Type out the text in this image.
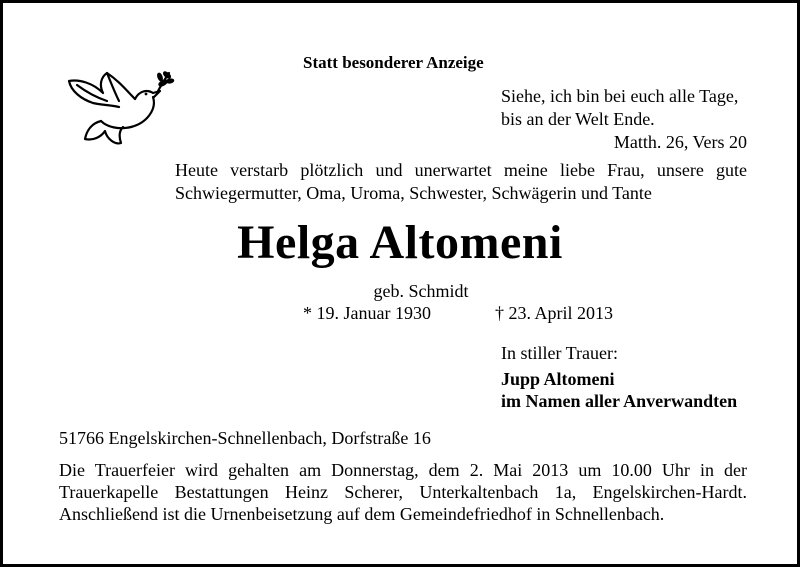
Statt besonderer Anzeige
Siehe, ich bin bei euch alle Tage,
bis an der Welt Ende.
Matth. 26, Vers 20
Heute verstarb plötzlich und unerwartet meine liebe Frau, unsere gute
Schwiegermutter, Oma, Uroma, Schwester, Schwägerin und Tante
Helga Altomeni
geb. Schmidt
* 19. Januar 1930	† 23. April 2013
In stiller Trauer:
Jupp Altomeni
im Namen aller Anverwandten
51766 Engelskirchen-Schnellenbach, Dorfstraße 16
Die Trauerfeier wird gehalten am Donnerstag, dem 2. Mai 2013 um 10.00 Uhr in der
Trauerkapelle Bestattungen Heinz Scherer, Unterkaltenbach 1a, Engelskirchen-Hardt.
Anschließend ist die Urnenbeisetzung auf dem Gemeindefriedhof in Schnellenbach.
